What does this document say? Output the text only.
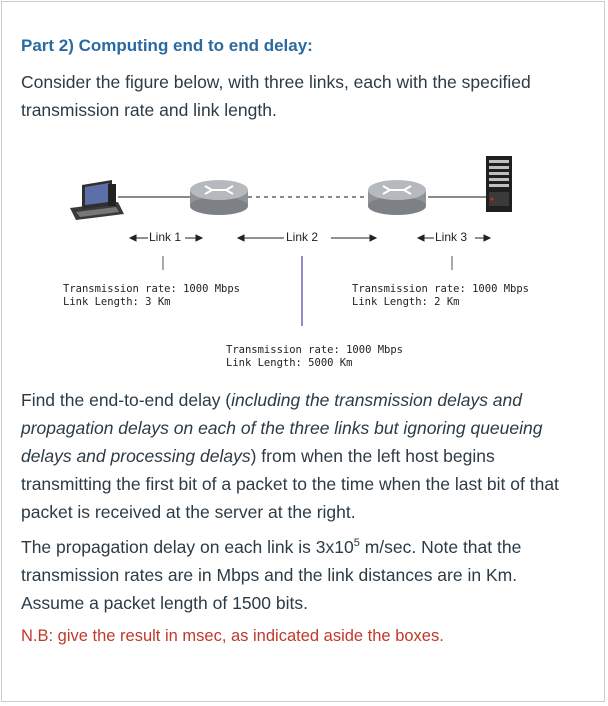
Part 2) Computing end to end delay:
Consider the figure below, with three links, each with the specified transmission rate and link length.
Link 1	Link 2	Link 3
Transmission rate: 1000 Mbps
Link Length: 3 Km
Transmission rate: 1000 Mbps
Link Length: 2 Km
Transmission rate: 1000 Mbps
Link Length: 5000 Km
Find the end-to-end delay (including the transmission delays and propagation delays on each of the three links but ignoring queueing delays and processing delays) from when the left host begins transmitting the first bit of a packet to the time when the last bit of that packet is received at the server at the right.
The propagation delay on each link is $3x10^5$ m/sec. Note that the transmission rates are in Mbps and the link distances are in Km. Assume a packet length of 1500 bits.
N.B: give the result in msec, as indicated aside the boxes.
